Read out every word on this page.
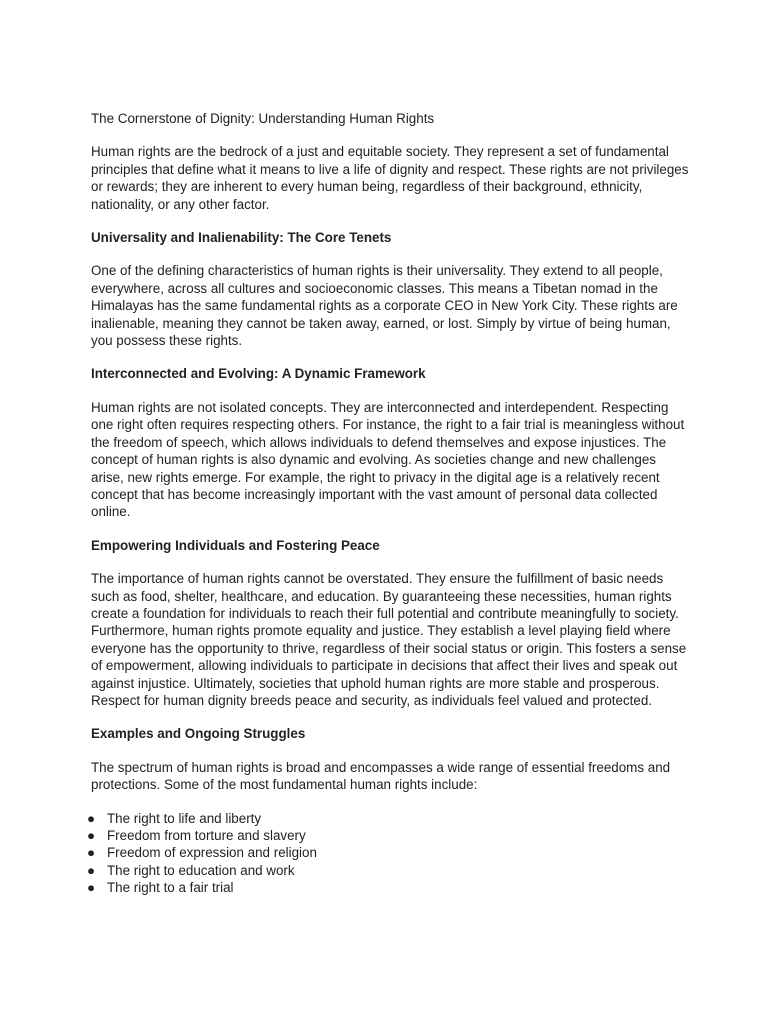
The Cornerstone of Dignity: Understanding Human Rights

Human rights are the bedrock of a just and equitable society. They represent a set of fundamental principles that define what it means to live a life of dignity and respect. These rights are not privileges or rewards; they are inherent to every human being, regardless of their background, ethnicity, nationality, or any other factor.

Universality and Inalienability: The Core Tenets

One of the defining characteristics of human rights is their universality. They extend to all people, everywhere, across all cultures and socioeconomic classes. This means a Tibetan nomad in the Himalayas has the same fundamental rights as a corporate CEO in New York City. These rights are inalienable, meaning they cannot be taken away, earned, or lost. Simply by virtue of being human, you possess these rights.

Interconnected and Evolving: A Dynamic Framework

Human rights are not isolated concepts. They are interconnected and interdependent. Respecting one right often requires respecting others. For instance, the right to a fair trial is meaningless without the freedom of speech, which allows individuals to defend themselves and expose injustices. The concept of human rights is also dynamic and evolving. As societies change and new challenges arise, new rights emerge. For example, the right to privacy in the digital age is a relatively recent concept that has become increasingly important with the vast amount of personal data collected online.

Empowering Individuals and Fostering Peace

The importance of human rights cannot be overstated. They ensure the fulfillment of basic needs such as food, shelter, healthcare, and education. By guaranteeing these necessities, human rights create a foundation for individuals to reach their full potential and contribute meaningfully to society. Furthermore, human rights promote equality and justice. They establish a level playing field where everyone has the opportunity to thrive, regardless of their social status or origin. This fosters a sense of empowerment, allowing individuals to participate in decisions that affect their lives and speak out against injustice. Ultimately, societies that uphold human rights are more stable and prosperous. Respect for human dignity breeds peace and security, as individuals feel valued and protected.

Examples and Ongoing Struggles

The spectrum of human rights is broad and encompasses a wide range of essential freedoms and protections. Some of the most fundamental human rights include:

● The right to life and liberty
● Freedom from torture and slavery
● Freedom of expression and religion
● The right to education and work
● The right to a fair trial
